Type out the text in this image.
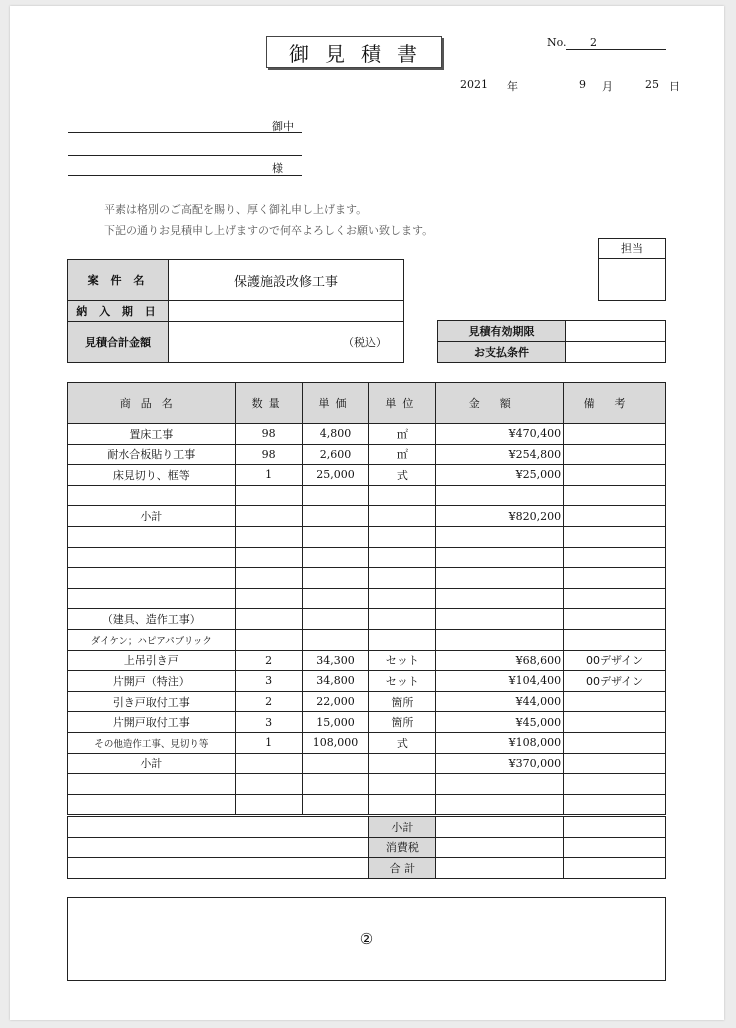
御見積書	No.	2
2021 年	9 月	25 日
御中
様
平素は格別のご高配を賜り、厚く御礼申し上げます。
下記の通りお見積申し上げますので何卒よろしくお願い致します。
担当
案 件 名	保護施設改修工事
納 入 期 日	
見積合計金額	（税込）
見積有効期限	
お支払条件	
商品名	数量	単価	単位	金額	備考
置床工事	98	4,800	㎡	¥470,400	
耐水合板貼り工事	98	2,600	㎡	¥254,800	
床見切り、框等	1	25,000	式	¥25,000	

小計				¥820,200	

（建具、造作工事）					
ダイケン；ハピアパブリック					
上吊引き戸	2	34,300	セット	¥68,600	00デザイン
片開戸（特注）	3	34,800	セット	¥104,400	00デザイン
引き戸取付工事	2	22,000	箇所	¥44,000	
片開戸取付工事	3	15,000	箇所	¥45,000	
その他造作工事、見切り等	1	108,000	式	¥108,000	
小計				¥370,000	

	小計		
	消費税		
	合 計		
②
